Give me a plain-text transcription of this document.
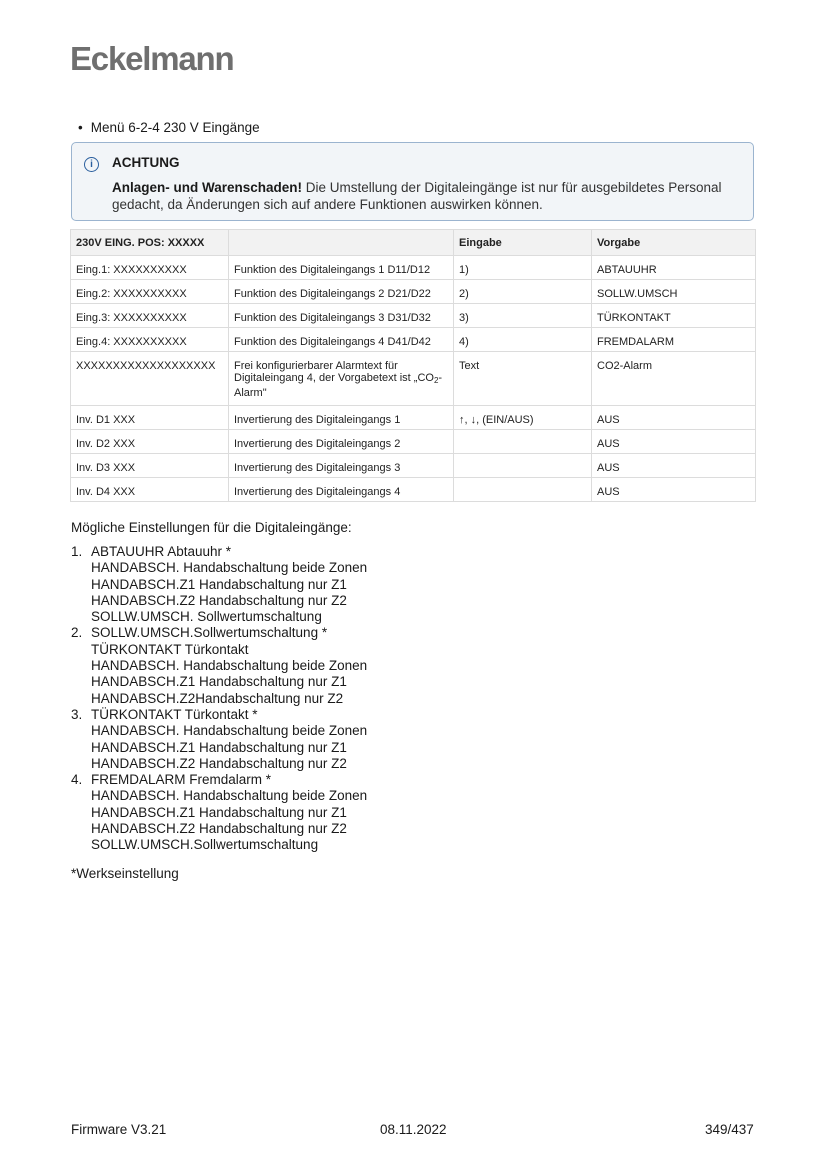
Eckelmann
• Menü 6-2-4 230 V Eingänge
i	ACHTUNG
Anlagen- und Warenschaden! Die Umstellung der Digitaleingänge ist nur für ausgebildetes Personal gedacht, da Änderungen sich auf andere Funktionen auswirken können.
230V EING. POS: XXXXX		Eingabe	Vorgabe
Eing.1: XXXXXXXXXX	Funktion des Digitaleingangs 1 D11/D12	1)	ABTAUUHR
Eing.2: XXXXXXXXXX	Funktion des Digitaleingangs 2 D21/D22	2)	SOLLW.UMSCH
Eing.3: XXXXXXXXXX	Funktion des Digitaleingangs 3 D31/D32	3)	TÜRKONTAKT
Eing.4: XXXXXXXXXX	Funktion des Digitaleingangs 4 D41/D42	4)	FREMDALARM
XXXXXXXXXXXXXXXXXXX	Frei konfigurierbarer Alarmtext für Digitaleingang 4, der Vorgabetext ist $„CO_2$-Alarm"	Text	CO2-Alarm
Inv. D1 XXX	Invertierung des Digitaleingangs 1	↑, ↓, (EIN/AUS)	AUS
Inv. D2 XXX	Invertierung des Digitaleingangs 2		AUS
Inv. D3 XXX	Invertierung des Digitaleingangs 3		AUS
Inv. D4 XXX	Invertierung des Digitaleingangs 4		AUS
Mögliche Einstellungen für die Digitaleingänge:
1. ABTAUUHR Abtauuhr *
HANDABSCH. Handabschaltung beide Zonen
HANDABSCH.Z1 Handabschaltung nur Z1
HANDABSCH.Z2 Handabschaltung nur Z2
SOLLW.UMSCH. Sollwertumschaltung
2. SOLLW.UMSCH.Sollwertumschaltung *
TÜRKONTAKT Türkontakt
HANDABSCH. Handabschaltung beide Zonen
HANDABSCH.Z1 Handabschaltung nur Z1
HANDABSCH.Z2Handabschaltung nur Z2
3. TÜRKONTAKT Türkontakt *
HANDABSCH. Handabschaltung beide Zonen
HANDABSCH.Z1 Handabschaltung nur Z1
HANDABSCH.Z2 Handabschaltung nur Z2
4. FREMDALARM Fremdalarm *
HANDABSCH. Handabschaltung beide Zonen
HANDABSCH.Z1 Handabschaltung nur Z1
HANDABSCH.Z2 Handabschaltung nur Z2
SOLLW.UMSCH.Sollwertumschaltung
*Werkseinstellung
Firmware V3.21	08.11.2022	349/437
